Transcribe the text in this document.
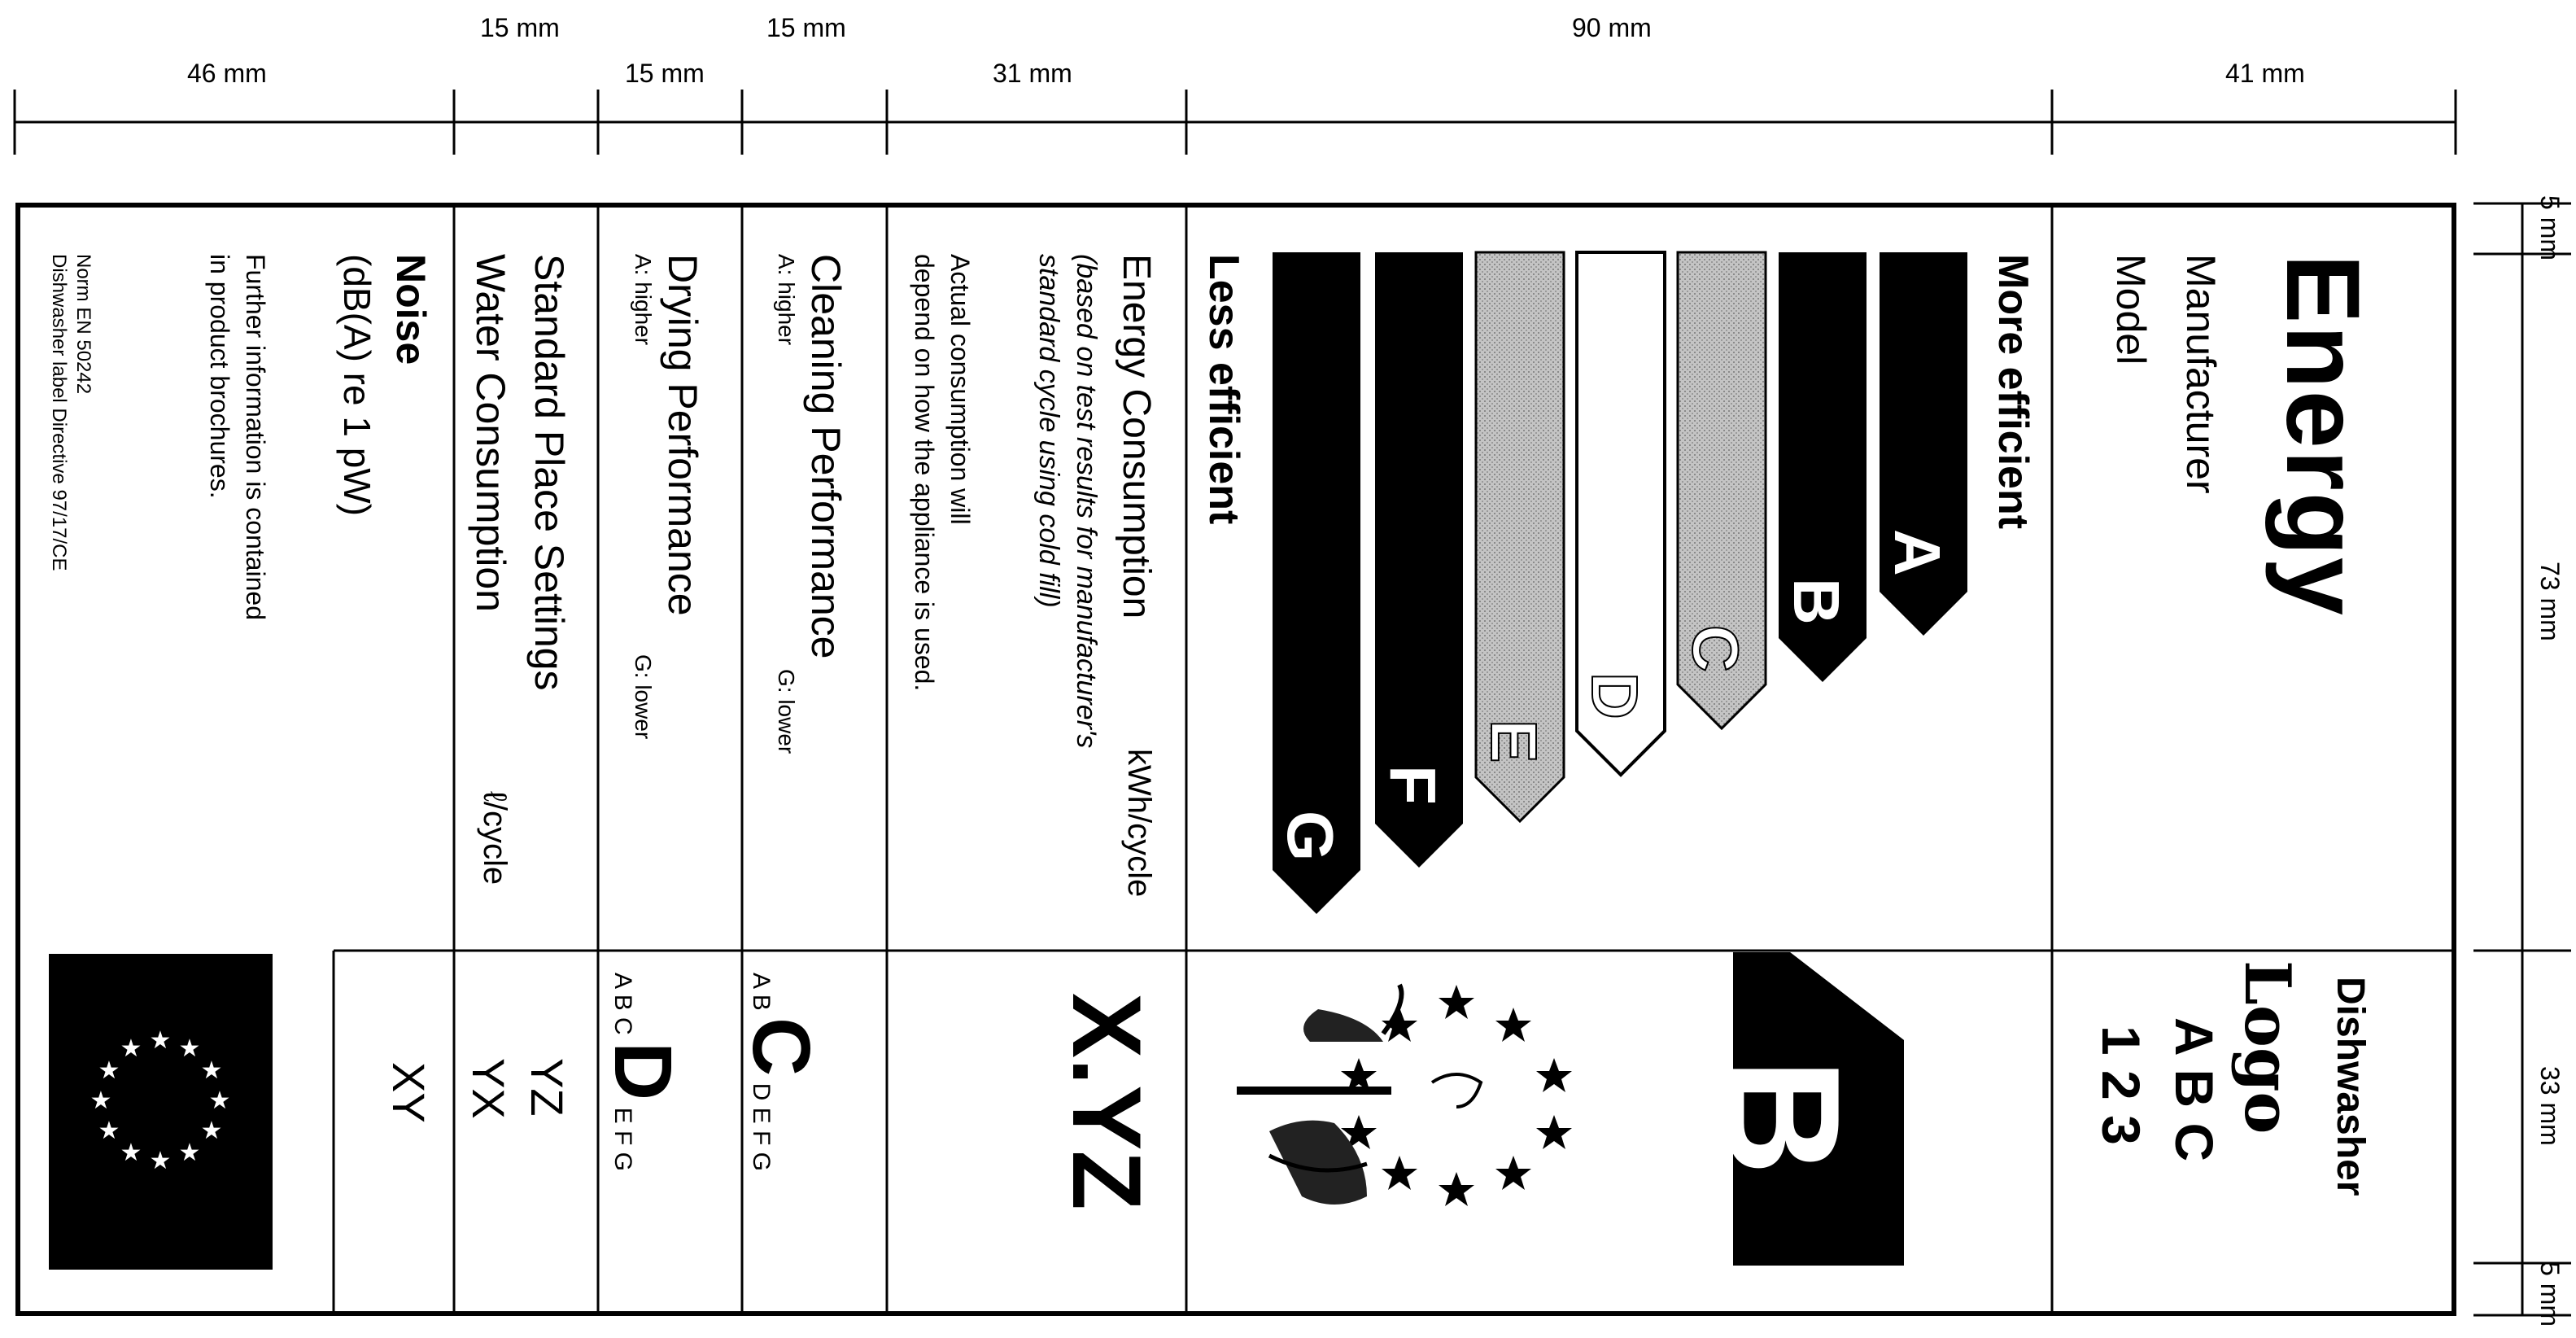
★ ★
★
★
★
★
★
★
★
★
★
★
46 mm
15 mm
15 mm
15 mm
31 mm
90 mm
41 mm
5 mm
73 mm
33 mm
5 mm
Energy
Dishwasher
Manufacturer
Model
Logo
A B C
1 2 3
More efficient
Less efficient
A
B
C
D
E
F
G
B
Energy Consumption
kWh/cycle
(based on test results for manufacturer's
standard cycle using cold fill)
Actual consumption will
depend on how the appliance is used.
X.YZ
Cleaning Performance
A: higher
G: lower
A B C D E F G
Drying Performance
A: higher
G: lower
A B C D E F G
Standard Place Settings
YZ
Water Consumption
ℓ/cycle
YX
Noise
(dB(A) re 1 pW)
XY
Further information is contained
in product brochures.
Norm EN 50242
Dishwasher label Directive 97/17/CE
